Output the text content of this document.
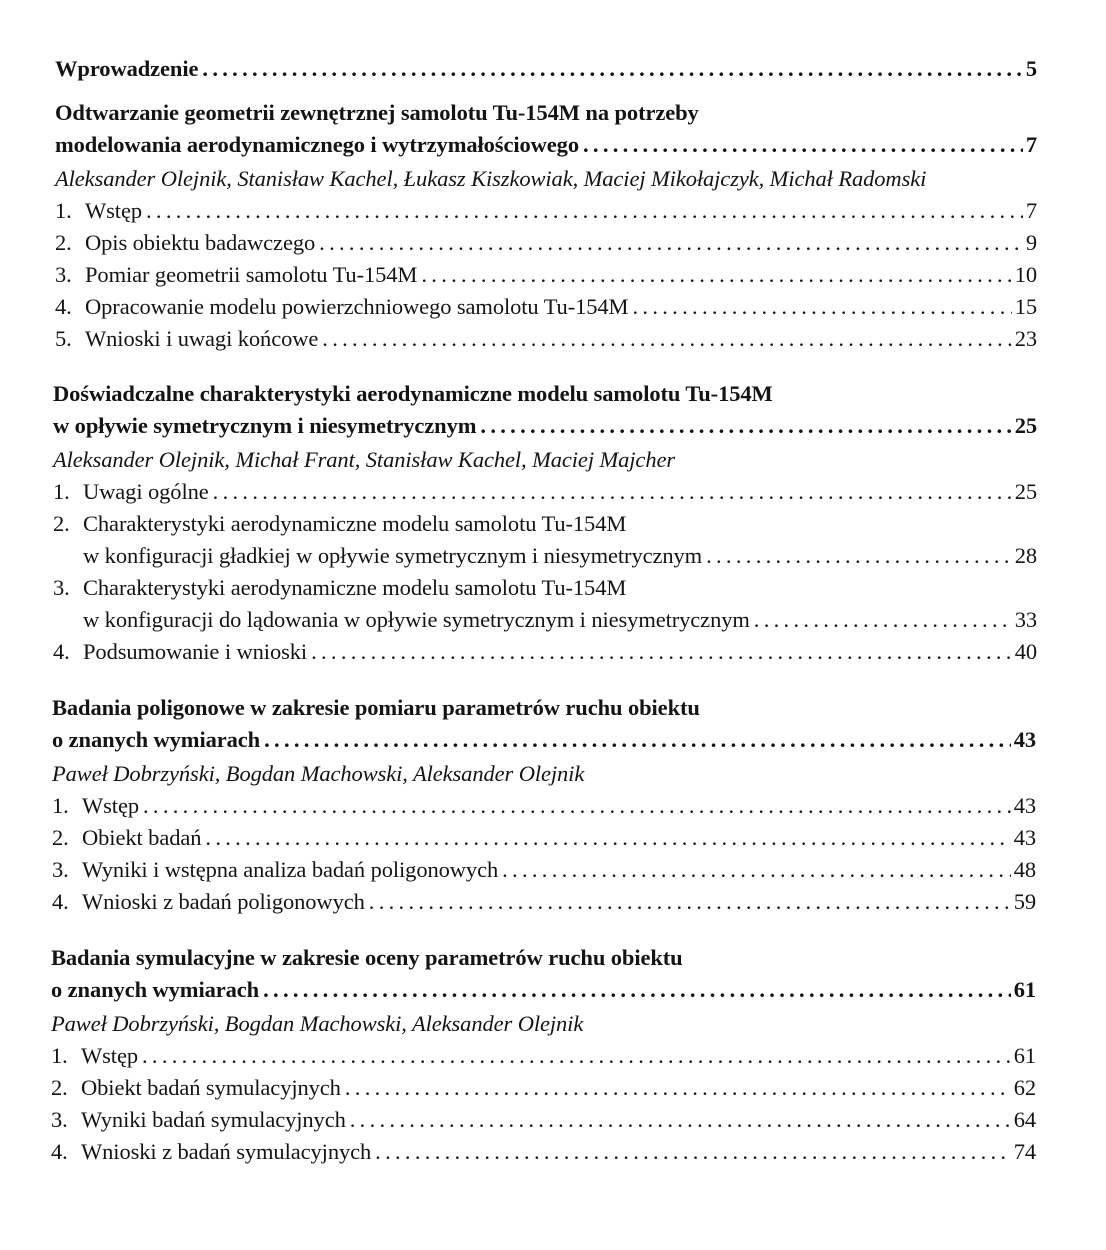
Wprowadzenie .....	5
Odtwarzanie geometrii zewnętrznej samolotu Tu-154M na potrzeby
modelowania aerodynamicznego i wytrzymałościowego .....	7
Aleksander Olejnik, Stanisław Kachel, Łukasz Kiszkowiak, Maciej Mikołajczyk, Michał Radomski
1. Wstęp .....	7
2. Opis obiektu badawczego .....	9
3. Pomiar geometrii samolotu Tu-154M .....	10
4. Opracowanie modelu powierzchniowego samolotu Tu-154M .....	15
5. Wnioski i uwagi końcowe .....	23
Doświadczalne charakterystyki aerodynamiczne modelu samolotu Tu-154M
w opływie symetrycznym i niesymetrycznym .....	25
Aleksander Olejnik, Michał Frant, Stanisław Kachel, Maciej Majcher
1. Uwagi ogólne .....	25
2. Charakterystyki aerodynamiczne modelu samolotu Tu-154M
w konfiguracji gładkiej w opływie symetrycznym i niesymetrycznym .....	28
3. Charakterystyki aerodynamiczne modelu samolotu Tu-154M
w konfiguracji do lądowania w opływie symetrycznym i niesymetrycznym .....	33
4. Podsumowanie i wnioski .....	40
Badania poligonowe w zakresie pomiaru parametrów ruchu obiektu
o znanych wymiarach .....	43
Paweł Dobrzyński, Bogdan Machowski, Aleksander Olejnik
1. Wstęp .....	43
2. Obiekt badań .....	43
3. Wyniki i wstępna analiza badań poligonowych .....	48
4. Wnioski z badań poligonowych .....	59
Badania symulacyjne w zakresie oceny parametrów ruchu obiektu
o znanych wymiarach .....	61
Paweł Dobrzyński, Bogdan Machowski, Aleksander Olejnik
1. Wstęp .....	61
2. Obiekt badań symulacyjnych .....	62
3. Wyniki badań symulacyjnych .....	64
4. Wnioski z badań symulacyjnych .....	74
